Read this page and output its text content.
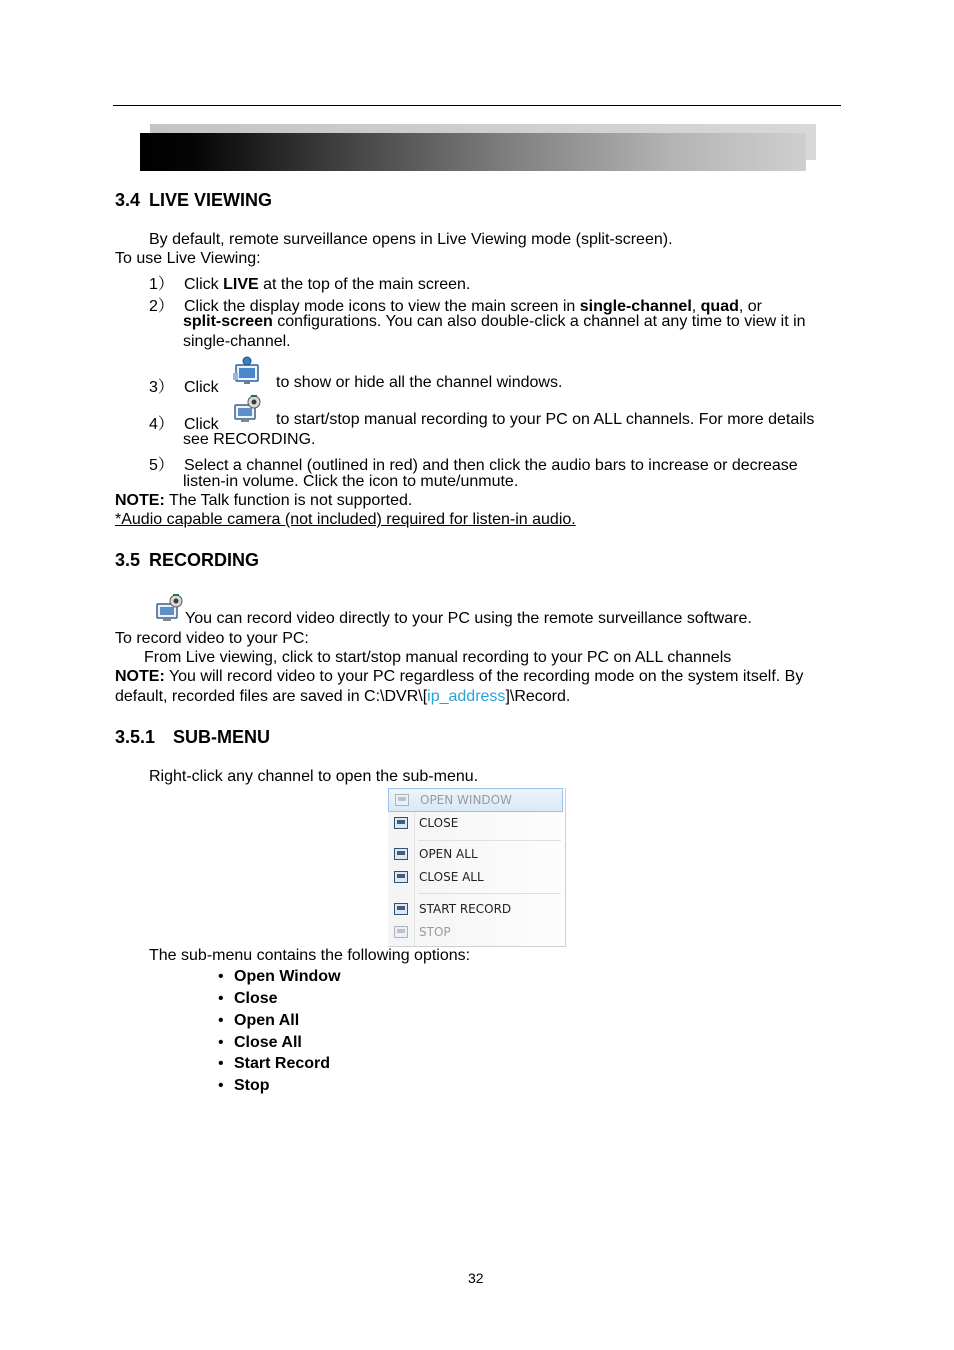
3.4 LIVE VIEWING
By default, remote surveillance opens in Live Viewing mode (split-screen).
To use Live Viewing:
1） Click LIVE at the top of the main screen.
2） Click the display mode icons to view the main screen in single-channel, quad, or
split-screen configurations. You can also double-click a channel at any time to view it in
single-channel.
3） Click	to show or hide all the channel windows.
4） Click	to start/stop manual recording to your PC on ALL channels. For more details
see RECORDING.
5） Select a channel (outlined in red) and then click the audio bars to increase or decrease
listen-in volume. Click the icon to mute/unmute.
NOTE: The Talk function is not supported.
*Audio capable camera (not included) required for listen-in audio.
3.5 RECORDING
You can record video directly to your PC using the remote surveillance software.
To record video to your PC:
From Live viewing, click to start/stop manual recording to your PC on ALL channels
NOTE: You will record video to your PC regardless of the recording mode on the system itself. By
default, recorded files are saved in C:\DVR\[ip_address]\Record.
3.5.1  SUB-MENU
Right-click any channel to open the sub-menu.
OPEN WINDOW
CLOSE
OPEN ALL
CLOSE ALL
START RECORD
STOP
The sub-menu contains the following options:
• Open Window
• Close
• Open All
• Close All
• Start Record
• Stop
32
